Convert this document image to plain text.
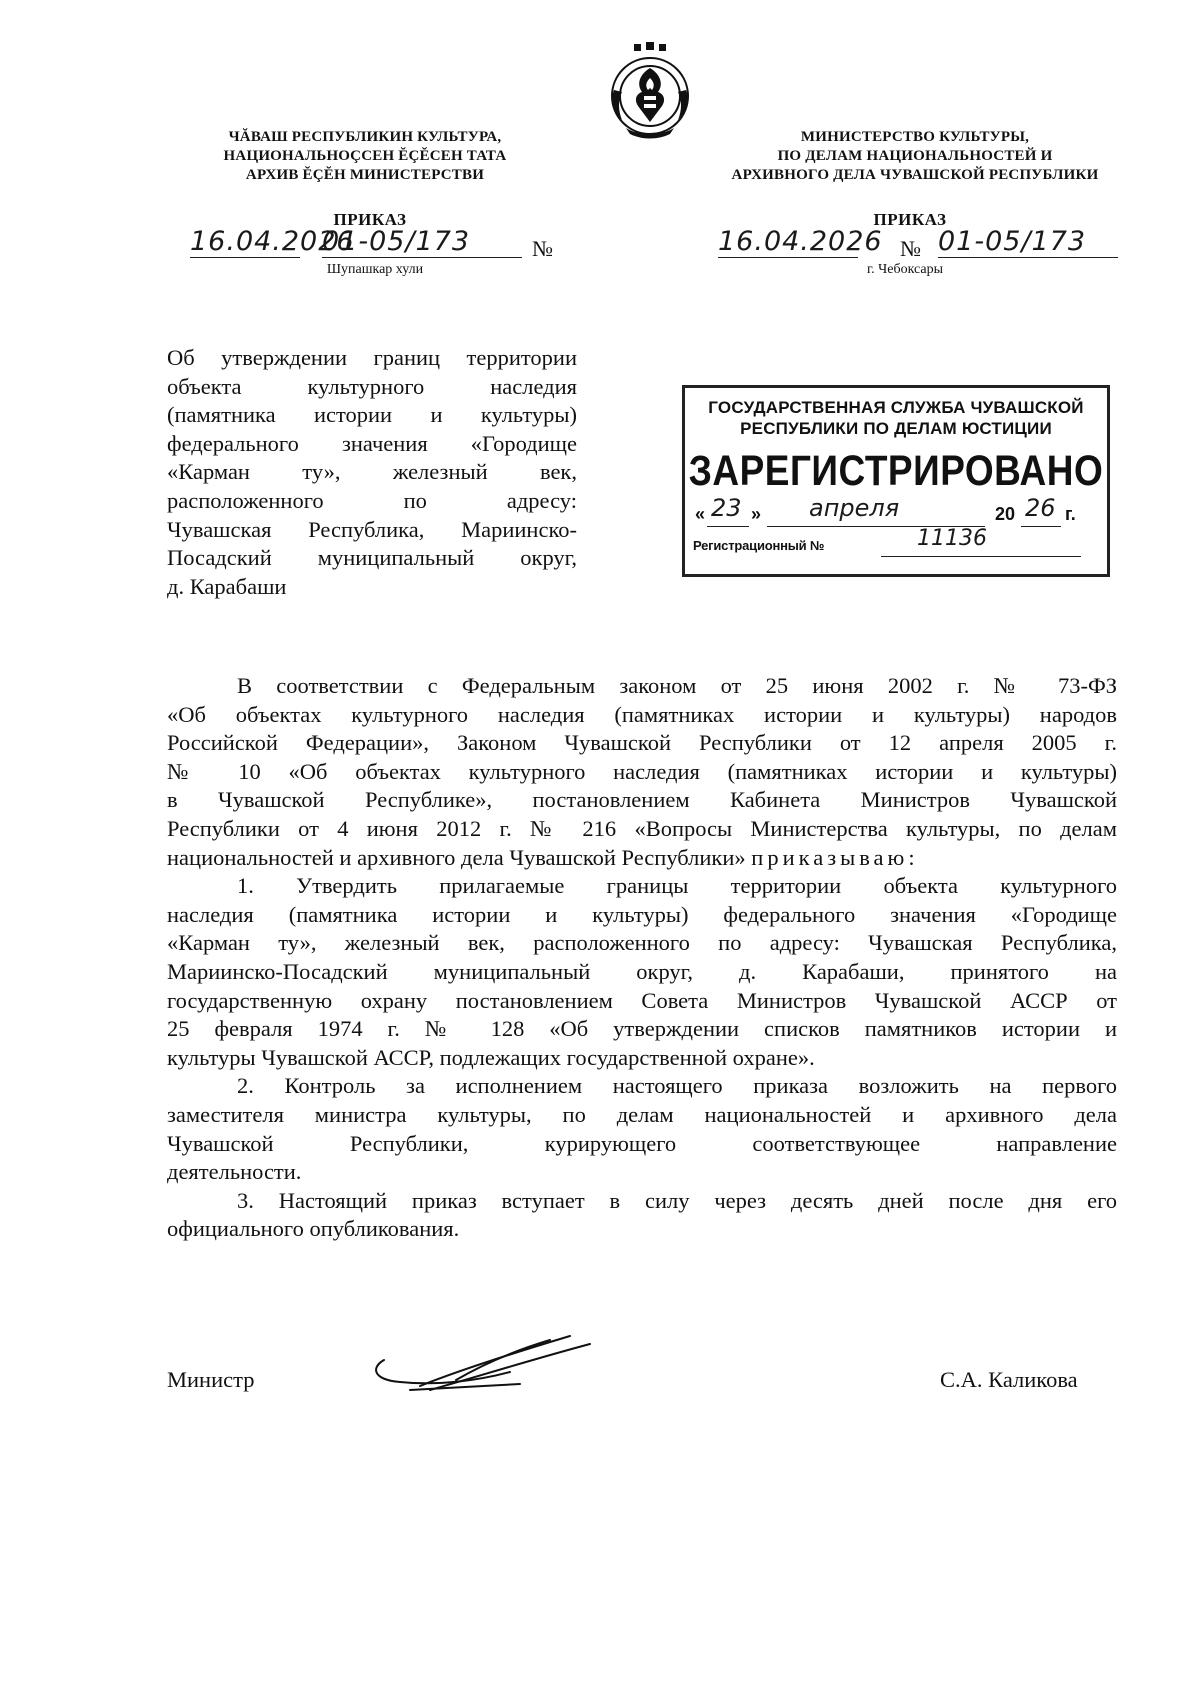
ЧĂВАШ РЕСПУБЛИКИН КУЛЬТУРА,
НАЦИОНАЛЬНОÇСЕН ĔÇĔСЕН ТАТА
АРХИВ ĔÇĔН МИНИСТЕРСТВИ
МИНИСТЕРСТВО КУЛЬТУРЫ,
ПО ДЕЛАМ НАЦИОНАЛЬНОСТЕЙ И
АРХИВНОГО ДЕЛА ЧУВАШСКОЙ РЕСПУБЛИКИ
ПРИКАЗ	ПРИКАЗ
16.04.2026
01-05/173	№
Шупашкар хули
16.04.2026 № 01-05/173
г. Чебоксары
Об утверждении границ территории
объекта культурного наследия
(памятника истории и культуры)
федерального значения «Городище
«Карман ту», железный век,
расположенного по адресу:
Чувашская Республика, Мариинско-
Посадский муниципальный округ,
д. Карабаши
ГОСУДАРСТВЕННАЯ СЛУЖБА ЧУВАШСКОЙ
РЕСПУБЛИКИ ПО ДЕЛАМ ЮСТИЦИИ
ЗАРЕГИСТРИРОВАНО
« 23 » апреля	20 26 г.
Регистрационный №	11136
В соответствии с Федеральным законом от 25 июня 2002 г. № 73-ФЗ
«Об объектах культурного наследия (памятниках истории и культуры) народов
Российской Федерации», Законом Чувашской Республики от 12 апреля 2005 г.
№ 10 «Об объектах культурного наследия (памятниках истории и культуры)
в Чувашской Республике», постановлением Кабинета Министров Чувашской
Республики от 4 июня 2012 г. № 216 «Вопросы Министерства культуры, по делам
национальностей и архивного дела Чувашской Республики» приказываю:
1. Утвердить прилагаемые границы территории объекта культурного
наследия (памятника истории и культуры) федерального значения «Городище
«Карман ту», железный век, расположенного по адресу: Чувашская Республика,
Мариинско-Посадский муниципальный округ, д. Карабаши, принятого на
государственную охрану постановлением Совета Министров Чувашской АССР от
25 февраля 1974 г. № 128 «Об утверждении списков памятников истории и
культуры Чувашской АССР, подлежащих государственной охране».
2. Контроль за исполнением настоящего приказа возложить на первого
заместителя министра культуры, по делам национальностей и архивного дела
Чувашской Республики, курирующего соответствующее направление
деятельности.
3. Настоящий приказ вступает в силу через десять дней после дня его
официального опубликования.
Министр	С.А. Каликова
